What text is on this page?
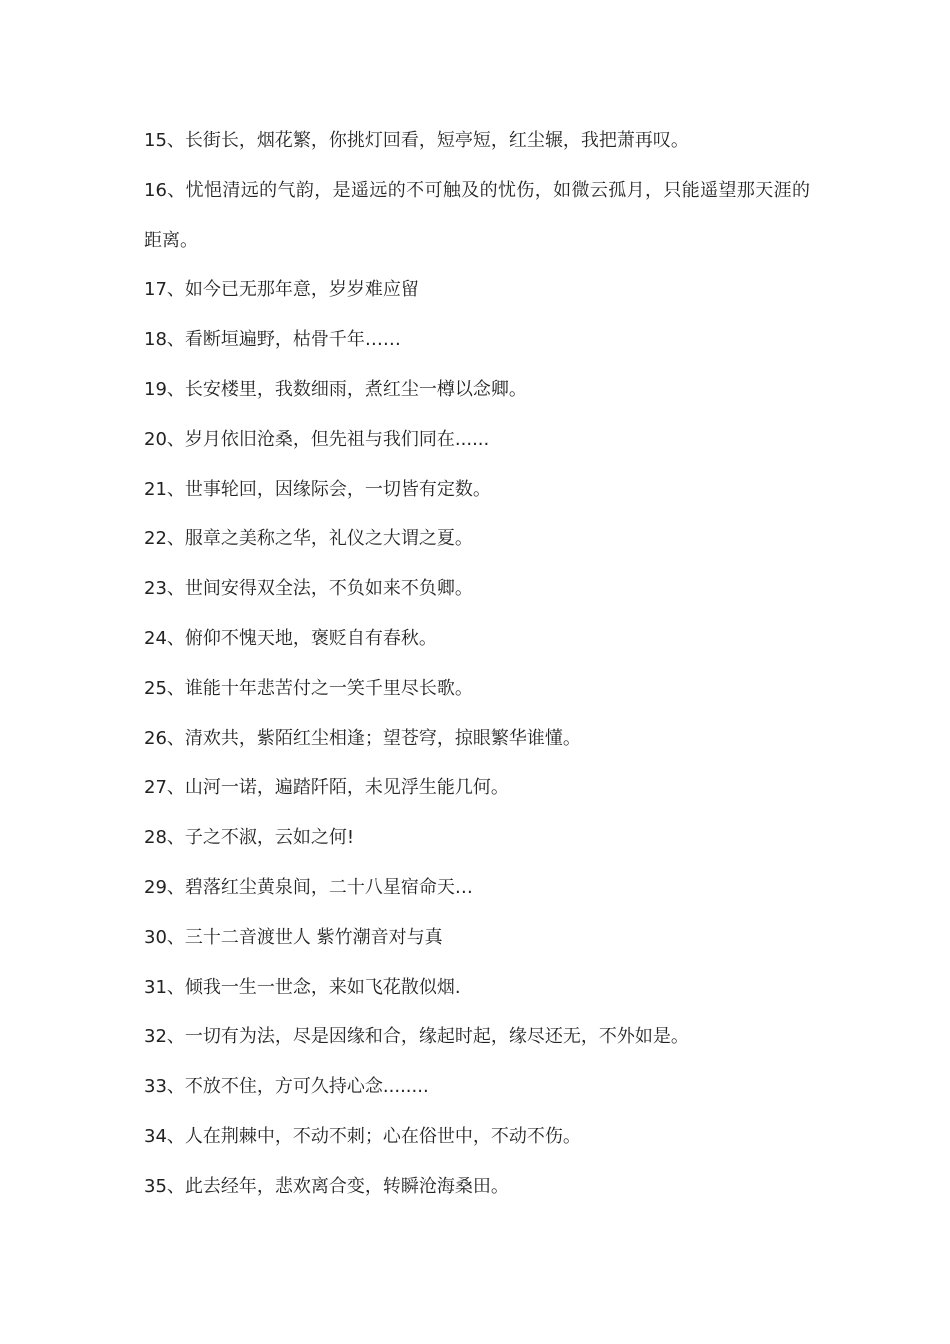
15、长街长，烟花繁，你挑灯回看，短亭短，红尘辗，我把萧再叹。
16、忧悒清远的气韵，是遥远的不可触及的忧伤，如微云孤月，只能遥望那天涯的距离。
17、如今已无那年意，岁岁难应留
18、看断垣遍野，枯骨千年……
19、长安楼里，我数细雨，煮红尘一樽以念卿。
20、岁月依旧沧桑，但先祖与我们同在......
21、世事轮回，因缘际会，一切皆有定数。
22、服章之美称之华，礼仪之大谓之夏。
23、世间安得双全法，不负如来不负卿。
24、俯仰不愧天地，褒贬自有春秋。
25、谁能十年悲苦付之一笑千里尽长歌。
26、清欢共，紫陌红尘相逢；望苍穹，掠眼繁华谁懂。
27、山河一诺，遍踏阡陌，未见浮生能几何。
28、子之不淑，云如之何!
29、碧落红尘黄泉间，二十八星宿命天…
30、三十二音渡世人 紫竹潮音对与真
31、倾我一生一世念，来如飞花散似烟.
32、一切有为法，尽是因缘和合，缘起时起，缘尽还无，不外如是。
33、不放不住，方可久持心念........
34、人在荆棘中，不动不刺；心在俗世中，不动不伤。
35、此去经年，悲欢离合变，转瞬沧海桑田。
